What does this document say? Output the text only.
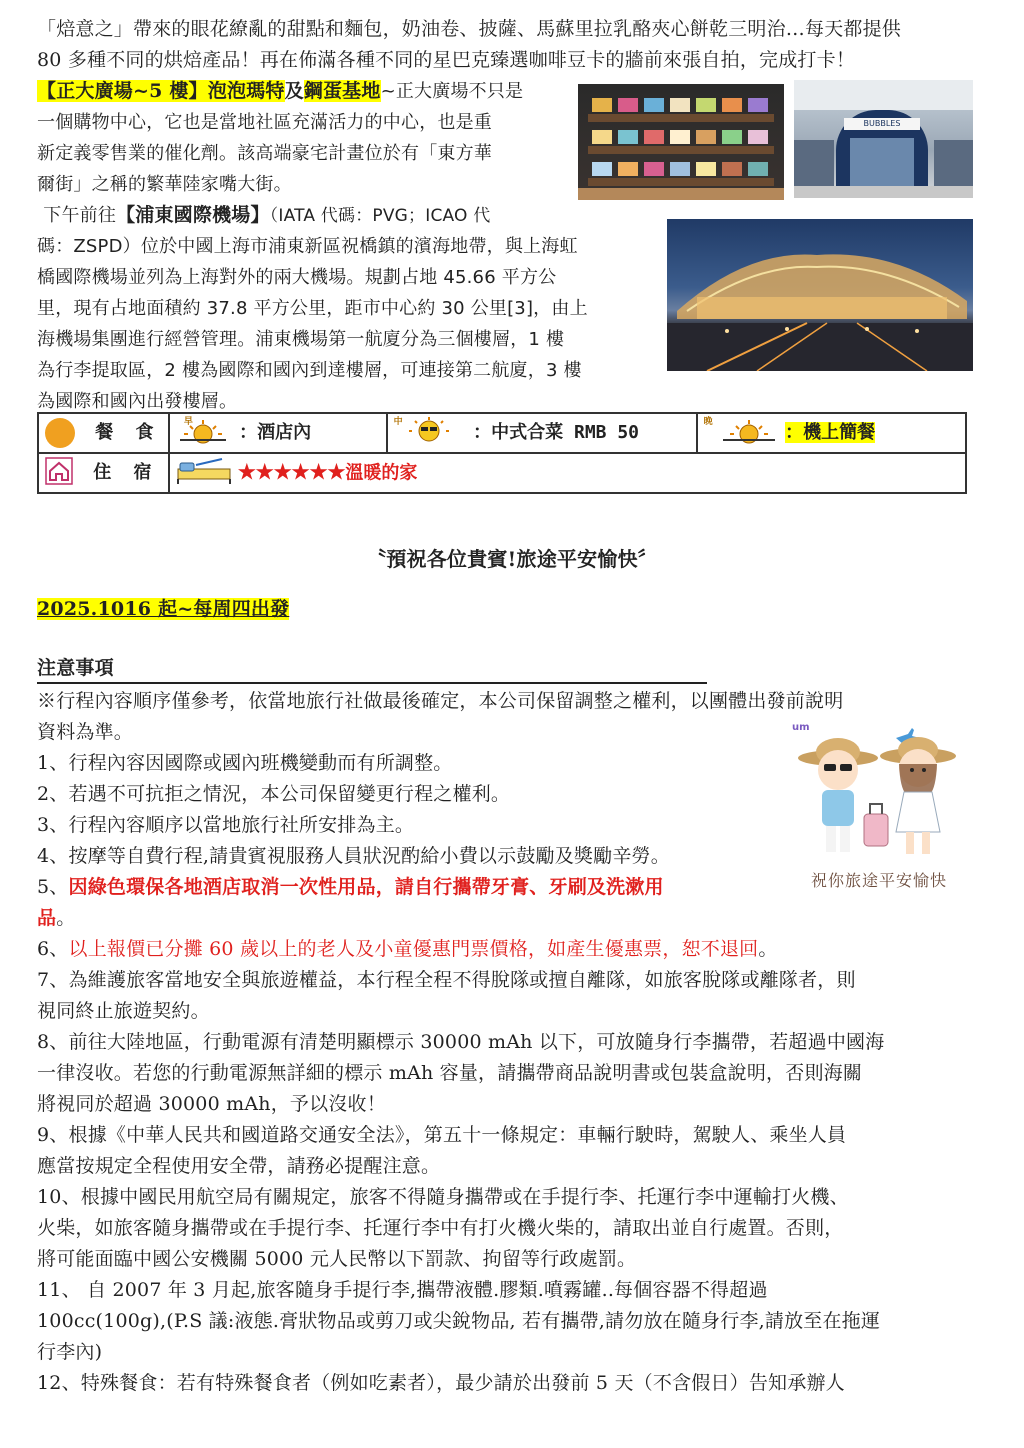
「焙意之」帶來的眼花繚亂的甜點和麵包，奶油卷、披薩、馬蘇里拉乳酪夾心餅乾三明治…每天都提供

80 多種不同的烘焙產品！再在佈滿各種不同的星巴克臻選咖啡豆卡的牆前來張自拍，完成打卡！

【正大廣場~5 樓】泡泡瑪特及鋼蛋基地~正大廣場不只是

一個購物中心，它也是當地社區充滿活力的中心，也是重

新定義零售業的催化劑。該高端豪宅計畫位於有「東方華

爾街」之稱的繁華陸家嘴大街。

BUBBLES

下午前往【浦東國際機場】（IATA 代碼：PVG；ICAO 代

碼：ZSPD）位於中國上海市浦東新區祝橋鎮的濱海地帶，與上海虹

橋國際機場並列為上海對外的兩大機場。規劃占地 45.66 平方公

里，現有占地面積約 37.8 平方公里，距市中心約 30 公里[3]，由上

海機場集團進行經營管理。浦東機場第一航廈分為三個樓層，1 樓

為行李提取區，2 樓為國際和國內到達樓層，可連接第二航廈，3 樓

為國際和國內出發樓層。

餐 食	$^早$ ：酒店內	$^中$ ：中式合菜 RMB 50	$^晚$ ：機上簡餐
住 宿	★★★★★★溫暖的家		

〝預祝各位貴賓!旅途平安愉快〞

2025.1016 起~每周四出發

注意事項

※行程內容順序僅參考，依當地旅行社做最後確定，本公司保留調整之權利，以團體出發前說明

資料為準。

1、行程內容因國際或國內班機變動而有所調整。

2、若遇不可抗拒之情況，本公司保留變更行程之權利。

3、行程內容順序以當地旅行社所安排為主。

4、按摩等自費行程,請貴賓視服務人員狀況酌給小費以示鼓勵及獎勵辛勞。

5、因綠色環保各地酒店取消一次性用品，請自行攜帶牙膏、牙刷及洗漱用

品。

6、以上報價已分攤 60 歲以上的老人及小童優惠門票價格，如產生優惠票，恕不退回。

7、為維護旅客當地安全與旅遊權益，本行程全程不得脫隊或擅自離隊，如旅客脫隊或離隊者，則

視同終止旅遊契約。

8、前往大陸地區，行動電源有清楚明顯標示 30000 mAh 以下，可放隨身行李攜帶，若超過中國海

一律沒收。若您的行動電源無詳細的標示 mAh 容量，請攜帶商品說明書或包裝盒說明，否則海關

將視同於超過 30000 mAh，予以沒收！

9、根據《中華人民共和國道路交通安全法》，第五十一條規定：車輛行駛時，駕駛人、乘坐人員

應當按規定全程使用安全帶，請務必提醒注意。

10、根據中國民用航空局有關規定，旅客不得隨身攜帶或在手提行李、托運行李中運輸打火機、

火柴，如旅客隨身攜帶或在手提行李、托運行李中有打火機火柴的，請取出並自行處置。否則，

將可能面臨中國公安機關 5000 元人民幣以下罰款、拘留等行政處罰。

11、 自 2007 年 3 月起,旅客隨身手提行李,攜帶液體.膠類.噴霧罐..每個容器不得超過

100cc(100g),(P.S 議:液態.膏狀物品或剪刀或尖銳物品, 若有攜帶,請勿放在隨身行李,請放至在拖運

行李內)

12、特殊餐食：若有特殊餐食者（例如吃素者），最少請於出發前 5 天（不含假日）告知承辦人

um
祝你旅途平安愉快
